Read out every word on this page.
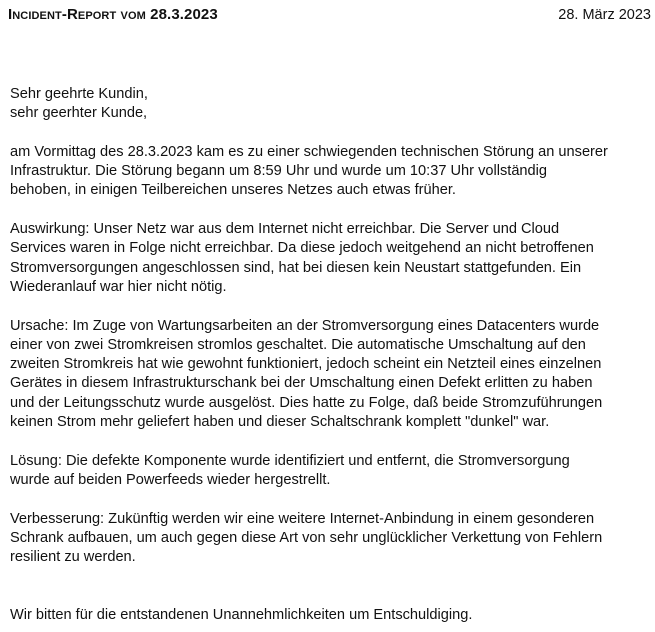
Incident-Report vom 28.3.2023	28. März 2023
Sehr geehrte Kundin,
sehr geerhter Kunde,
am Vormittag des 28.3.2023 kam es zu einer schwiegenden technischen Störung an unserer
Infrastruktur. Die Störung begann um 8:59 Uhr und wurde um 10:37 Uhr vollständig
behoben, in einigen Teilbereichen unseres Netzes auch etwas früher.
Auswirkung: Unser Netz war aus dem Internet nicht erreichbar. Die Server und Cloud
Services waren in Folge nicht erreichbar. Da diese jedoch weitgehend an nicht betroffenen
Stromversorgungen angeschlossen sind, hat bei diesen kein Neustart stattgefunden. Ein
Wiederanlauf war hier nicht nötig.
Ursache: Im Zuge von Wartungsarbeiten an der Stromversorgung eines Datacenters wurde
einer von zwei Stromkreisen stromlos geschaltet. Die automatische Umschaltung auf den
zweiten Stromkreis hat wie gewohnt funktioniert, jedoch scheint ein Netzteil eines einzelnen
Gerätes in diesem Infrastrukturschank bei der Umschaltung einen Defekt erlitten zu haben
und der Leitungsschutz wurde ausgelöst. Dies hatte zu Folge, daß beide Stromzuführungen
keinen Strom mehr geliefert haben und dieser Schaltschrank komplett "dunkel" war.
Lösung: Die defekte Komponente wurde identifiziert und entfernt, die Stromversorgung
wurde auf beiden Powerfeeds wieder hergestrellt.
Verbesserung: Zukünftig werden wir eine weitere Internet-Anbindung in einem gesonderen
Schrank aufbauen, um auch gegen diese Art von sehr unglücklicher Verkettung von Fehlern
resilient zu werden.
Wir bitten für die entstandenen Unannehmlichkeiten um Entschuldiging.
